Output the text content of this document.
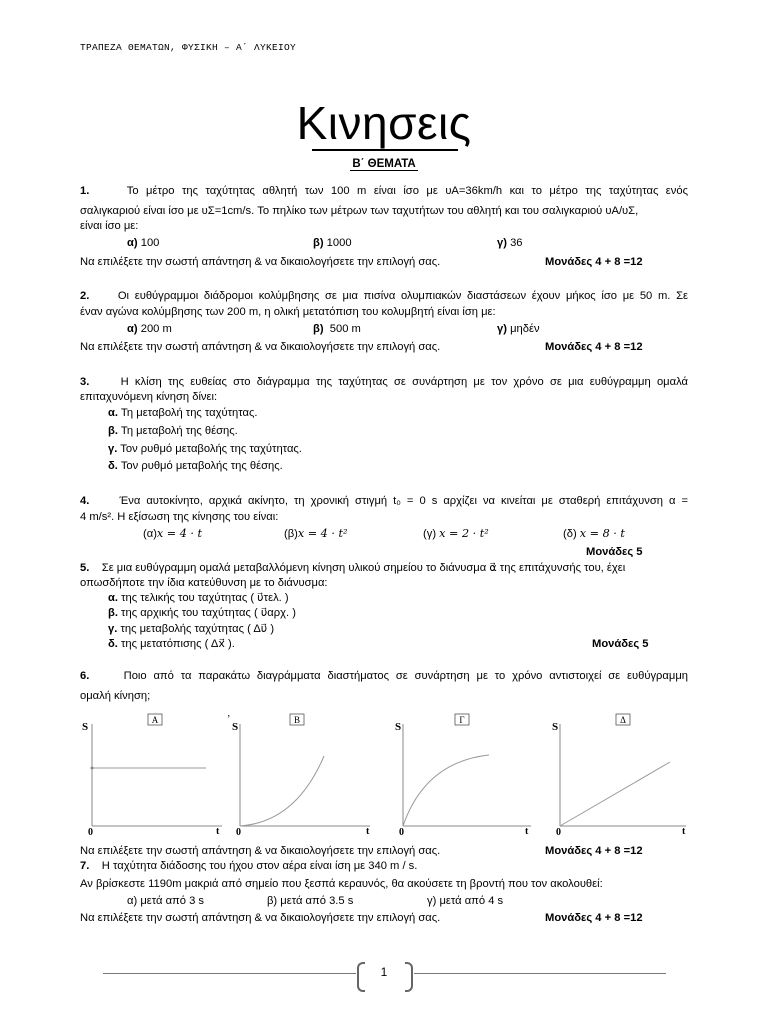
ΤΡΑΠΕΖΑ ΘΕΜΑΤΩΝ, ΦΥΣΙΚΗ – Α΄ ΛΥΚΕΙΟΥ
Κινησεις
Β΄ ΘΕΜΑΤΑ
1.	Το μέτρο της ταχύτητας αθλητή των 100 m είναι ίσο με υΑ=36km/h και το μέτρο της ταχύτητας ενός
σαλιγκαριού είναι ίσο με υΣ=1cm/s. Το πηλίκο των μέτρων των ταχυτήτων του αθλητή και του σαλιγκαριού υΑ/υΣ,
είναι ίσο με:
α) 100	β) 1000	γ) 36
Να επιλέξετε την σωστή απάντηση & να δικαιολογήσετε την επιλογή σας.	Μονάδες 4 + 8 =12
2.	Οι ευθύγραμμοι διάδρομοι κολύμβησης σε μια πισίνα ολυμπιακών διαστάσεων έχουν μήκος ίσο με 50 m. Σε
έναν αγώνα κολύμβησης των 200 m, η ολική μετατόπιση του κολυμβητή είναι ίση με:
α) 200 m	β) 500 m	γ) μηδέν
Να επιλέξετε την σωστή απάντηση & να δικαιολογήσετε την επιλογή σας.	Μονάδες 4 + 8 =12
3.	Η κλίση της ευθείας στο διάγραμμα της ταχύτητας σε συνάρτηση με τον χρόνο σε μια ευθύγραμμη ομαλά
επιταχυνόμενη κίνηση δίνει:
α. Τη μεταβολή της ταχύτητας.
β. Τη μεταβολή της θέσης.
γ. Τον ρυθμό μεταβολής της ταχύτητας.
δ. Τον ρυθμό μεταβολής της θέσης.
4.	Ένα αυτοκίνητο, αρχικά ακίνητο, τη χρονική στιγμή t₀ = 0 s αρχίζει να κινείται με σταθερή επιτάχυνση α =
4 m/s². Η εξίσωση της κίνησης του είναι:
(α)x = 4 · t	(β)x = 4 · t²	(γ) x = 2 · t²	(δ) x = 8 · t
Μονάδες 5
5. Σε μια ευθύγραμμη ομαλά μεταβαλλόμενη κίνηση υλικού σημείου το διάνυσμα α⃗ της επιτάχυνσής του, έχει
οπωσδήποτε την ίδια κατεύθυνση με το διάνυσμα:
α. της τελικής του ταχύτητας ( υ⃗τελ. )
β. της αρχικής του ταχύτητας ( υ⃗αρχ. )
γ. της μεταβολής ταχύτητας ( Δυ⃗ )
δ. της μετατόπισης ( Δx⃗ ).	Μονάδες 5
6.	Ποιο από τα παρακάτω διαγράμματα διαστήματος σε συνάρτηση με το χρόνο αντιστοιχεί σε ευθύγραμμη
ομαλή κίνηση;
Α
S
0	t
ʼ	Β
S
0	t
Γ
S
0	t
Δ
S
0	t
Να επιλέξετε την σωστή απάντηση & να δικαιολογήσετε την επιλογή σας.	Μονάδες 4 + 8 =12
7. Η ταχύτητα διάδοσης του ήχου στον αέρα είναι ίση με 340 m / s.
Αν βρίσκεστε 1190m μακριά από σημείο που ξεσπά κεραυνός, θα ακούσετε τη βροντή που τον ακολουθεί:
α) μετά από 3 s	β) μετά από 3.5 s	γ) μετά από 4 s
Να επιλέξετε την σωστή απάντηση & να δικαιολογήσετε την επιλογή σας.	Μονάδες 4 + 8 =12
1
